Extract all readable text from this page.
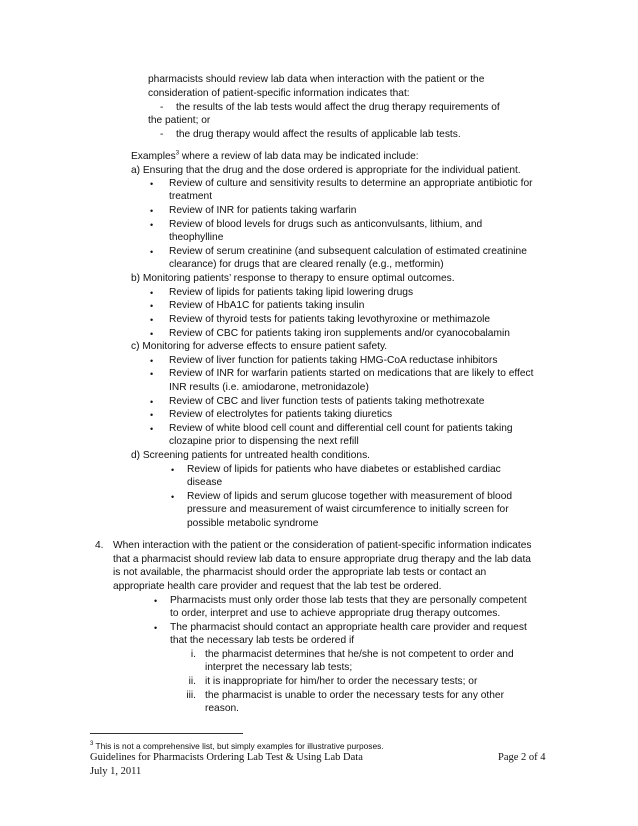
pharmacists should review lab data when interaction with the patient or the
consideration of patient-specific information indicates that:
- the results of the lab tests would affect the drug therapy requirements of
the patient; or
- the drug therapy would affect the results of applicable lab tests.
Examples$^3$ where a review of lab data may be indicated include:
a) Ensuring that the drug and the dose ordered is appropriate for the individual patient.
• Review of culture and sensitivity results to determine an appropriate antibiotic for
treatment
• Review of INR for patients taking warfarin
• Review of blood levels for drugs such as anticonvulsants, lithium, and
theophylline
• Review of serum creatinine (and subsequent calculation of estimated creatinine
clearance) for drugs that are cleared renally (e.g., metformin)
b) Monitoring patients’ response to therapy to ensure optimal outcomes.
• Review of lipids for patients taking lipid lowering drugs
• Review of HbA1C for patients taking insulin
• Review of thyroid tests for patients taking levothyroxine or methimazole
• Review of CBC for patients taking iron supplements and/or cyanocobalamin
c) Monitoring for adverse effects to ensure patient safety.
• Review of liver function for patients taking HMG-CoA reductase inhibitors
• Review of INR for warfarin patients started on medications that are likely to effect
INR results (i.e. amiodarone, metronidazole)
• Review of CBC and liver function tests of patients taking methotrexate
• Review of electrolytes for patients taking diuretics
• Review of white blood cell count and differential cell count for patients taking
clozapine prior to dispensing the next refill
d) Screening patients for untreated health conditions.
• Review of lipids for patients who have diabetes or established cardiac
disease
• Review of lipids and serum glucose together with measurement of blood
pressure and measurement of waist circumference to initially screen for
possible metabolic syndrome
4. When interaction with the patient or the consideration of patient-specific information indicates
that a pharmacist should review lab data to ensure appropriate drug therapy and the lab data
is not available, the pharmacist should order the appropriate lab tests or contact an
appropriate health care provider and request that the lab test be ordered.
• Pharmacists must only order those lab tests that they are personally competent
to order, interpret and use to achieve appropriate drug therapy outcomes.
• The pharmacist should contact an appropriate health care provider and request
that the necessary lab tests be ordered if
i. the pharmacist determines that he/she is not competent to order and
interpret the necessary lab tests;
ii. it is inappropriate for him/her to order the necessary tests; or
iii. the pharmacist is unable to order the necessary tests for any other
reason.
$^3$ This is not a comprehensive list, but simply examples for illustrative purposes.
Guidelines for Pharmacists Ordering Lab Test & Using Lab Data	Page 2 of 4
July 1, 2011
